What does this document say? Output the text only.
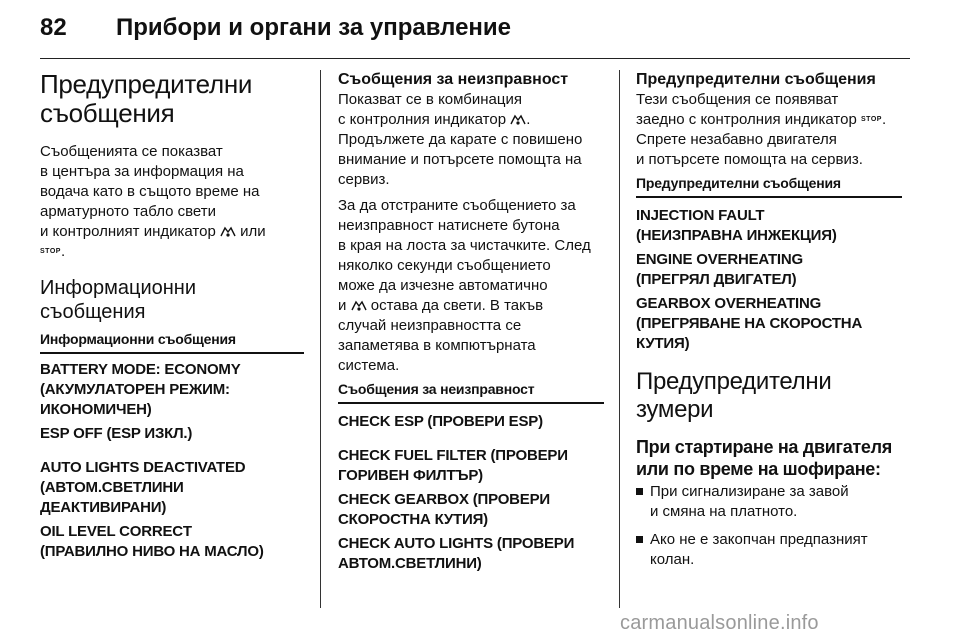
82 Прибори и органи за управление
Предупредителни
съобщения
Съобщенията се показват
в центъра за информация на
водача като в същото време на
арматурното табло свети
и контролният индикатор или
STOP.
Информационни съобщения
Информационни съобщения
BATTERY MODE: ECONOMY
(АКУМУЛАТОРЕН РЕЖИМ:
ИКОНОМИЧЕН)
ESP OFF (ESP ИЗКЛ.)
AUTO LIGHTS DEACTIVATED
(АВТОМ.СВЕТЛИНИ
ДЕАКТИВИРАНИ)
OIL LEVEL CORRECT
(ПРАВИЛНО НИВО НА МАСЛО)
Съобщения за неизправност
Показват се в комбинация
с контролния индикатор .
Продължете да карате с повишено
внимание и потърсете помощта на
сервиз.
За да отстраните съобщението за
неизправност натиснете бутона
в края на лоста за чистачките. След
няколко секунди съобщението
може да изчезне автоматично
и остава да свети. В такъв
случай неизправността се
запаметява в компютърната
система.
Съобщения за неизправност
CHECK ESP (ПРОВЕРИ ESP)
CHECK FUEL FILTER (ПРОВЕРИ
ГОРИВЕН ФИЛТЪР)
CHECK GEARBOX (ПРОВЕРИ
СКОРОСТНА КУТИЯ)
CHECK AUTO LIGHTS (ПРОВЕРИ
АВТОМ.СВЕТЛИНИ)
Предупредителни съобщения
Тези съобщения се появяват
заедно с контролния индикатор STOP.
Спрете незабавно двигателя
и потърсете помощта на сервиз.
Предупредителни съобщения
INJECTION FAULT
(НЕИЗПРАВНА ИНЖЕКЦИЯ)
ENGINE OVERHEATING
(ПРЕГРЯЛ ДВИГАТЕЛ)
GEARBOX OVERHEATING
(ПРЕГРЯВАНЕ НА СКОРОСТНА
КУТИЯ)
Предупредителни
зумери
При стартиране на двигателя
или по време на шофиране:
При сигнализиране за завой
и смяна на платното.
Ако не е закопчан предпазният
колан.
carmanualsonline.info
